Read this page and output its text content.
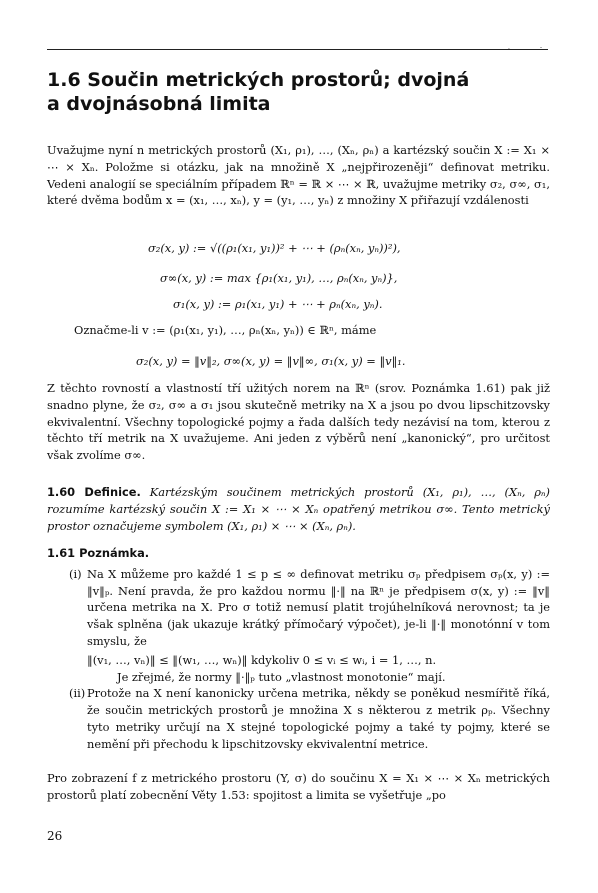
.	-
1.6 Součin metrických prostorů; dvojná
a dvojnásobná limita
Uvažujme nyní n metrických prostorů (X₁, ρ₁), …, (Xₙ, ρₙ) a kartézský součin X := X₁ × ⋯ × Xₙ. Položme si otázku, jak na množině X „nejpřirozeněji“ definovat metriku. Vedeni analogií se speciálním případem ℝⁿ = ℝ × ⋯ × ℝ, uvažujme metriky σ₂, σ∞, σ₁, které dvěma bodům x = (x₁, …, xₙ), y = (y₁, …, yₙ) z množiny X přiřazují vzdálenosti
σ₂(x, y) := √((ρ₁(x₁, y₁))² + ⋯ + (ρₙ(xₙ, yₙ))²),
σ∞(x, y) := max {ρ₁(x₁, y₁), …, ρₙ(xₙ, yₙ)},
σ₁(x, y) := ρ₁(x₁, y₁) + ⋯ + ρₙ(xₙ, yₙ).
Označme-li v := (ρ₁(x₁, y₁), …, ρₙ(xₙ, yₙ)) ∈ ℝⁿ, máme
σ₂(x, y) = ‖v‖₂, σ∞(x, y) = ‖v‖∞, σ₁(x, y) = ‖v‖₁.
Z těchto rovností a vlastností tří užitých norem na ℝⁿ (srov. Poznámka 1.61) pak již snadno plyne, že σ₂, σ∞ a σ₁ jsou skutečně metriky na X a jsou po dvou lipschitzovsky ekvivalentní. Všechny topologické pojmy a řada dalších tedy nezávisí na tom, kterou z těchto tří metrik na X uvažujeme. Ani jeden z výběrů není „kanonický“, pro určitost však zvolíme σ∞.
1.60 Definice. Kartézským součinem metrických prostorů (X₁, ρ₁), …, (Xₙ, ρₙ) rozumíme kartézský součin X := X₁ × ⋯ × Xₙ opatřený metrikou σ∞. Tento metrický prostor označujeme symbolem (X₁, ρ₁) × ⋯ × (Xₙ, ρₙ).
1.61 Poznámka.
(i) Na X můžeme pro každé 1 ≤ p ≤ ∞ definovat metriku σₚ předpisem σₚ(x, y) := ‖v‖ₚ. Není pravda, že pro každou normu ‖·‖ na ℝⁿ je předpisem σ(x, y) := ‖v‖ určena metrika na X. Pro σ totiž nemusí platit trojúhelníková nerovnost; ta je však splněna (jak ukazuje krátký přímočarý výpočet), je-li ‖·‖ monotónní v tom smyslu, že
‖(v₁, …, vₙ)‖ ≤ ‖(w₁, …, wₙ)‖ kdykoliv 0 ≤ vᵢ ≤ wᵢ, i = 1, …, n.
Je zřejmé, že normy ‖·‖ₚ tuto „vlastnost monotonie“ mají.
(ii) Protože na X není kanonicky určena metrika, někdy se poněkud nesmířitě říká, že součin metrických prostorů je množina X s některou z metrik ρₚ. Všechny tyto metriky určují na X stejné topologické pojmy a také ty pojmy, které se nemění při přechodu k lipschitzovsky ekvivalentní metrice.
Pro zobrazení f z metrického prostoru (Y, σ) do součinu X = X₁ × ⋯ × Xₙ metrických prostorů platí zobecnění Věty 1.53: spojitost a limita se vyšetřuje „po
26
